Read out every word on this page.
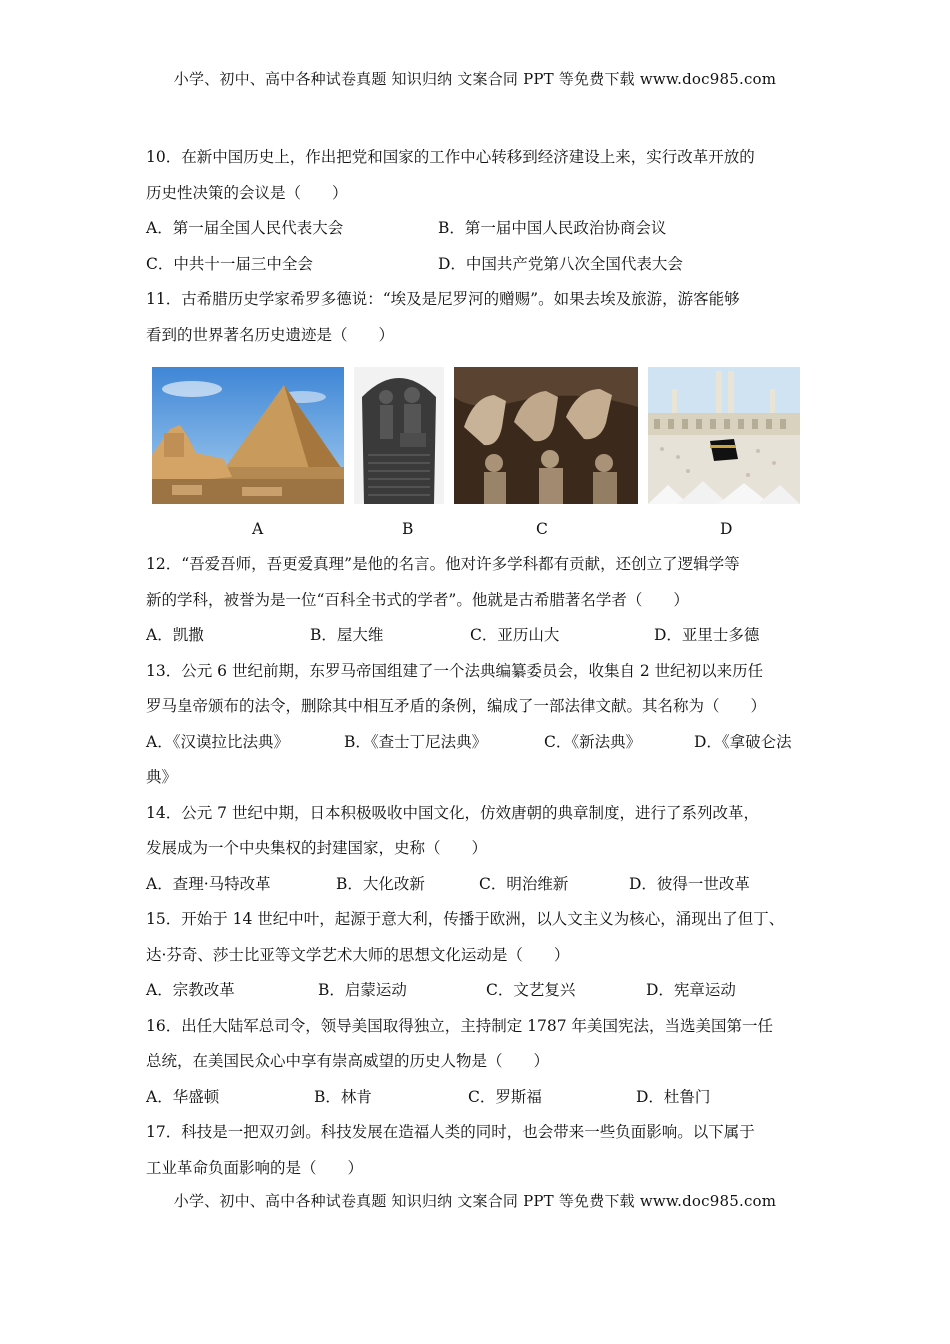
小学、初中、高中各种试卷真题 知识归纳 文案合同 PPT 等免费下载 www.doc985.com
10．在新中国历史上，作出把党和国家的工作中心转移到经济建设上来，实行改革开放的
历史性决策的会议是（　　）
A．第一届全国人民代表大会	B．第一届中国人民政治协商会议
C．中共十一届三中全会	D．中国共产党第八次全国代表大会
11．古希腊历史学家希罗多德说：“埃及是尼罗河的赠赐”。如果去埃及旅游，游客能够
看到的世界著名历史遗迹是（　　）
A	B	C	D
12．“吾爱吾师，吾更爱真理”是他的名言。他对许多学科都有贡献，还创立了逻辑学等
新的学科，被誉为是一位“百科全书式的学者”。他就是古希腊著名学者（　　）
A．凯撒	B．屋大维	C．亚历山大	D．亚里士多德
13．公元 6 世纪前期，东罗马帝国组建了一个法典编纂委员会，收集自 2 世纪初以来历任
罗马皇帝颁布的法令，删除其中相互矛盾的条例，编成了一部法律文献。其名称为（　　）
A．《汉谟拉比法典》	B．《查士丁尼法典》	C．《新法典》	D．《拿破仑法
典》
14．公元 7 世纪中期，日本积极吸收中国文化，仿效唐朝的典章制度，进行了系列改革，
发展成为一个中央集权的封建国家，史称（　　）
A．查理·马特改革	B．大化改新	C．明治维新	D．彼得一世改革
15．开始于 14 世纪中叶，起源于意大利，传播于欧洲，以人文主义为核心，涌现出了但丁、
达·芬奇、莎士比亚等文学艺术大师的思想文化运动是（　　）
A．宗教改革	B．启蒙运动	C．文艺复兴	D．宪章运动
16．出任大陆军总司令，领导美国取得独立，主持制定 1787 年美国宪法，当选美国第一任
总统，在美国民众心中享有崇高威望的历史人物是（　　）
A．华盛顿	B．林肯	C．罗斯福	D．杜鲁门
17．科技是一把双刃剑。科技发展在造福人类的同时，也会带来一些负面影响。以下属于
工业革命负面影响的是（　　）
小学、初中、高中各种试卷真题 知识归纳 文案合同 PPT 等免费下载 www.doc985.com
